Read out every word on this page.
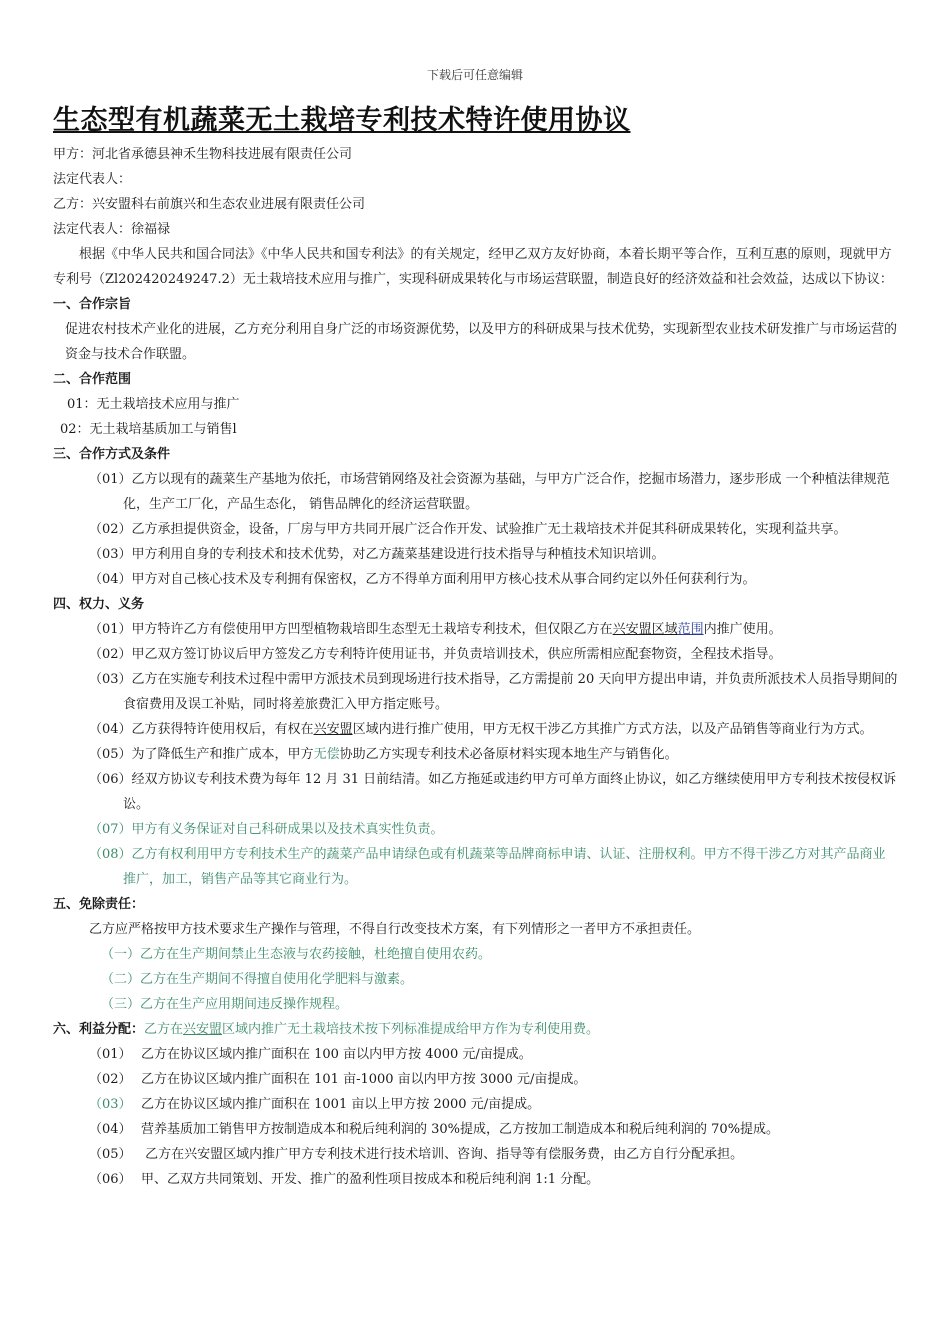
下载后可任意编辑
生态型有机蔬菜无土栽培专利技术特许使用协议
甲方：河北省承德县神禾生物科技进展有限责任公司
法定代表人：
乙方：兴安盟科右前旗兴和生态农业进展有限责任公司
法定代表人：徐福禄
根据《中华人民共和国合同法》《中华人民共和国专利法》的有关规定，经甲乙双方友好协商，本着长期平等合作，互利互惠的原则，现就甲方专利号（Zl202420249247.2）无土栽培技术应用与推广，实现科研成果转化与市场运营联盟，制造良好的经济效益和社会效益，达成以下协议：
一、合作宗旨
促进农村技术产业化的进展，乙方充分利用自身广泛的市场资源优势，以及甲方的科研成果与技术优势，实现新型农业技术研发推广与市场运营的资金与技术合作联盟。
二、合作范围
01：无土栽培技术应用与推广
02：无土栽培基质加工与销售l
三、合作方式及条件
（01）乙方以现有的蔬菜生产基地为依托，市场营销网络及社会资源为基础，与甲方广泛合作，挖掘市场潜力，逐步形成 一个种植法律规范化，生产工厂化，产品生态化， 销售品牌化的经济运营联盟。
（02）乙方承担提供资金，设备，厂房与甲方共同开展广泛合作开发、试验推广无土栽培技术并促其科研成果转化，实现利益共享。
（03）甲方利用自身的专利技术和技术优势，对乙方蔬菜基建设进行技术指导与种植技术知识培训。
（04）甲方对自己核心技术及专利拥有保密权，乙方不得单方面利用甲方核心技术从事合同约定以外任何获利行为。
四、权力、义务
（01）甲方特许乙方有偿使用甲方凹型植物栽培即生态型无土栽培专利技术，但仅限乙方在兴安盟区域范围内推广使用。
（02）甲乙双方签订协议后甲方签发乙方专利特许使用证书，并负责培训技术，供应所需相应配套物资，全程技术指导。
（03）乙方在实施专利技术过程中需甲方派技术员到现场进行技术指导，乙方需提前 20 天向甲方提出申请，并负责所派技术人员指导期间的食宿费用及误工补贴，同时将差旅费汇入甲方指定账号。
（04）乙方获得特许使用权后，有权在兴安盟区域内进行推广使用，甲方无权干涉乙方其推广方式方法，以及产品销售等商业行为方式。
（05）为了降低生产和推广成本，甲方无偿协助乙方实现专利技术必备原材料实现本地生产与销售化。
（06）经双方协议专利技术费为每年 12 月 31 日前结清。如乙方拖延或违约甲方可单方面终止协议，如乙方继续使用甲方专利技术按侵权诉讼。
（07）甲方有义务保证对自己科研成果以及技术真实性负责。
（08）乙方有权利用甲方专利技术生产的蔬菜产品申请绿色或有机蔬菜等品牌商标申请、认证、注册权利。甲方不得干涉乙方对其产品商业推广，加工，销售产品等其它商业行为。
五、免除责任：
乙方应严格按甲方技术要求生产操作与管理，不得自行改变技术方案，有下列情形之一者甲方不承担责任。
（一）乙方在生产期间禁止生态液与农药接触，杜绝擅自使用农药。
（二）乙方在生产期间不得擅自使用化学肥料与激素。
（三）乙方在生产应用期间违反操作规程。
六、利益分配：乙方在兴安盟区域内推广无土栽培技术按下列标准提成给甲方作为专利使用费。
（01） 乙方在协议区域内推广面积在 100 亩以内甲方按 4000 元/亩提成。
（02） 乙方在协议区域内推广面积在 101 亩-1000 亩以内甲方按 3000 元/亩提成。
（03） 乙方在协议区域内推广面积在 1001 亩以上甲方按 2000 元/亩提成。
（04） 营养基质加工销售甲方按制造成本和税后纯利润的 30%提成，乙方按加工制造成本和税后纯利润的 70%提成。
（05） 乙方在兴安盟区域内推广甲方专利技术进行技术培训、咨询、指导等有偿服务费，由乙方自行分配承担。
（06） 甲、乙双方共同策划、开发、推广的盈利性项目按成本和税后纯利润 1:1 分配。
